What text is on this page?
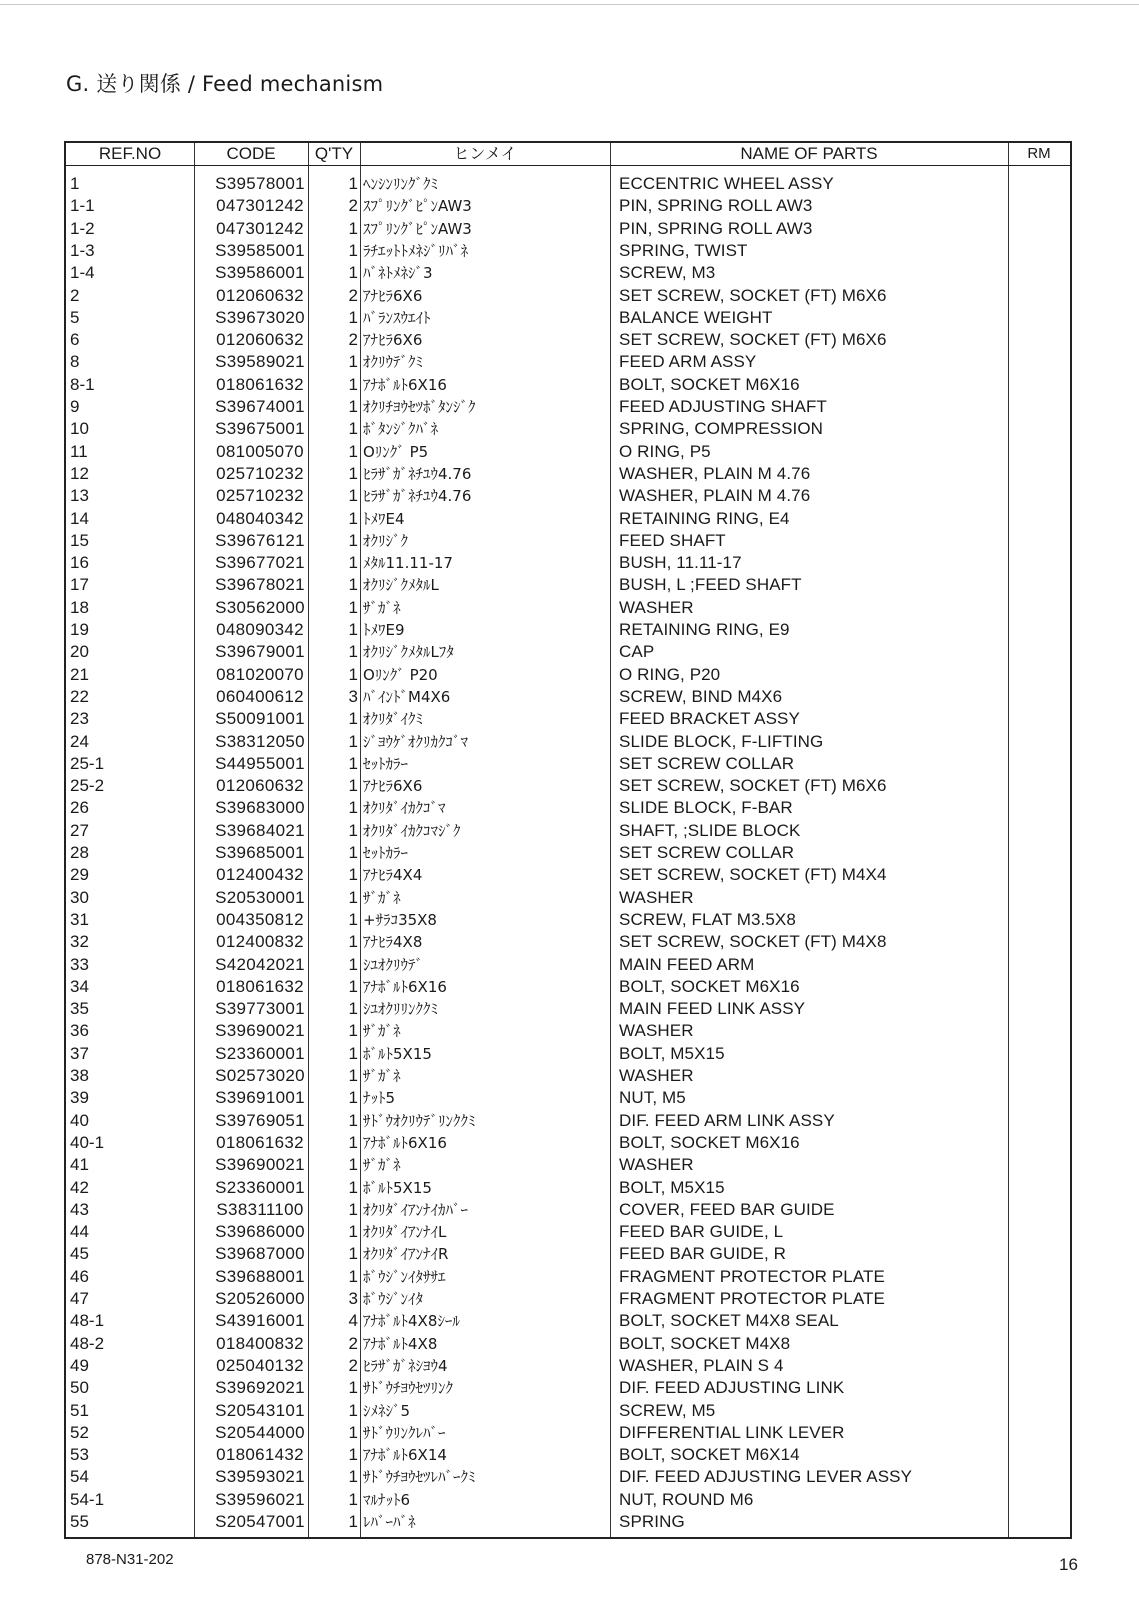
G. 送り関係 / Feed mechanism
REF.NO	CODE	Q'TY	ヒンメイ	NAME OF PARTS	RM
1	S39578001	1 ﾍﾝｼﾝﾘﾝｸﾞｸﾐ	ECCENTRIC WHEEL ASSY
1-1	047301242	2 ｽﾌﾟﾘﾝｸﾞﾋﾟﾝAW3	PIN, SPRING ROLL AW3
1-2	047301242	1 ｽﾌﾟﾘﾝｸﾞﾋﾟﾝAW3	PIN, SPRING ROLL AW3
1-3	S39585001	1 ﾗﾁｴｯﾄﾄﾒﾈｼﾞﾘﾊﾞﾈ	SPRING, TWIST
1-4	S39586001	1 ﾊﾞﾈﾄﾒﾈｼﾞ3	SCREW, M3
2	012060632	2 ｱﾅﾋﾗ6X6	SET SCREW, SOCKET (FT) M6X6
5	S39673020	1 ﾊﾞﾗﾝｽｳｴｲﾄ	BALANCE WEIGHT
6	012060632	2 ｱﾅﾋﾗ6X6	SET SCREW, SOCKET (FT) M6X6
8	S39589021	1 ｵｸﾘｳﾃﾞｸﾐ	FEED ARM ASSY
8-1	018061632	1 ｱﾅﾎﾞﾙﾄ6X16	BOLT, SOCKET M6X16
9	S39674001	1 ｵｸﾘﾁﾖｳｾﾂﾎﾞﾀﾝｼﾞｸ	FEED ADJUSTING SHAFT
10	S39675001	1 ﾎﾞﾀﾝｼﾞｸﾊﾞﾈ	SPRING, COMPRESSION
11	081005070	1 Oﾘﾝｸﾞ P5	O RING, P5
12	025710232	1 ﾋﾗｻﾞｶﾞﾈﾁﾕｳ4.76	WASHER, PLAIN M 4.76
13	025710232	1 ﾋﾗｻﾞｶﾞﾈﾁﾕｳ4.76	WASHER, PLAIN M 4.76
14	048040342	1 ﾄﾒﾜE4	RETAINING RING, E4
15	S39676121	1 ｵｸﾘｼﾞｸ	FEED SHAFT
16	S39677021	1 ﾒﾀﾙ11.11-17	BUSH, 11.11-17
17	S39678021	1 ｵｸﾘｼﾞｸﾒﾀﾙL	BUSH, L ;FEED SHAFT
18	S30562000	1 ｻﾞｶﾞﾈ	WASHER
19	048090342	1 ﾄﾒﾜE9	RETAINING RING, E9
20	S39679001	1 ｵｸﾘｼﾞｸﾒﾀﾙLﾌﾀ	CAP
21	081020070	1 Oﾘﾝｸﾞ P20	O RING, P20
22	060400612	3 ﾊﾞｲﾝﾄﾞM4X6	SCREW, BIND M4X6
23	S50091001	1 ｵｸﾘﾀﾞｲｸﾐ	FEED BRACKET ASSY
24	S38312050	1 ｼﾞﾖｳｹﾞｵｸﾘｶｸｺﾞﾏ	SLIDE BLOCK, F-LIFTING
25-1	S44955001	1 ｾｯﾄｶﾗｰ	SET SCREW COLLAR
25-2	012060632	1 ｱﾅﾋﾗ6X6	SET SCREW, SOCKET (FT) M6X6
26	S39683000	1 ｵｸﾘﾀﾞｲｶｸｺﾞﾏ	SLIDE BLOCK, F-BAR
27	S39684021	1 ｵｸﾘﾀﾞｲｶｸｺﾏｼﾞｸ	SHAFT, ;SLIDE BLOCK
28	S39685001	1 ｾｯﾄｶﾗｰ	SET SCREW COLLAR
29	012400432	1 ｱﾅﾋﾗ4X4	SET SCREW, SOCKET (FT) M4X4
30	S20530001	1 ｻﾞｶﾞﾈ	WASHER
31	004350812	1 +ｻﾗｺ35X8	SCREW, FLAT M3.5X8
32	012400832	1 ｱﾅﾋﾗ4X8	SET SCREW, SOCKET (FT) M4X8
33	S42042021	1 ｼﾕｵｸﾘｳﾃﾞ	MAIN FEED ARM
34	018061632	1 ｱﾅﾎﾞﾙﾄ6X16	BOLT, SOCKET M6X16
35	S39773001	1 ｼﾕｵｸﾘﾘﾝｸｸﾐ	MAIN FEED LINK ASSY
36	S39690021	1 ｻﾞｶﾞﾈ	WASHER
37	S23360001	1 ﾎﾞﾙﾄ5X15	BOLT, M5X15
38	S02573020	1 ｻﾞｶﾞﾈ	WASHER
39	S39691001	1 ﾅｯﾄ5	NUT, M5
40	S39769051	1 ｻﾄﾞｳｵｸﾘｳﾃﾞﾘﾝｸｸﾐ	DIF. FEED ARM LINK ASSY
40-1	018061632	1 ｱﾅﾎﾞﾙﾄ6X16	BOLT, SOCKET M6X16
41	S39690021	1 ｻﾞｶﾞﾈ	WASHER
42	S23360001	1 ﾎﾞﾙﾄ5X15	BOLT, M5X15
43	S38311100	1 ｵｸﾘﾀﾞｲｱﾝﾅｲｶﾊﾞｰ	COVER, FEED BAR GUIDE
44	S39686000	1 ｵｸﾘﾀﾞｲｱﾝﾅｲL	FEED BAR GUIDE, L
45	S39687000	1 ｵｸﾘﾀﾞｲｱﾝﾅｲR	FEED BAR GUIDE, R
46	S39688001	1 ﾎﾞｳｼﾞﾝｲﾀｻｻｴ	FRAGMENT PROTECTOR PLATE
47	S20526000	3 ﾎﾞｳｼﾞﾝｲﾀ	FRAGMENT PROTECTOR PLATE
48-1	S43916001	4 ｱﾅﾎﾞﾙﾄ4X8ｼｰﾙ	BOLT, SOCKET M4X8 SEAL
48-2	018400832	2 ｱﾅﾎﾞﾙﾄ4X8	BOLT, SOCKET M4X8
49	025040132	2 ﾋﾗｻﾞｶﾞﾈｼﾖｳ4	WASHER, PLAIN S 4
50	S39692021	1 ｻﾄﾞｳﾁﾖｳｾﾂﾘﾝｸ	DIF. FEED ADJUSTING LINK
51	S20543101	1 ｼﾒﾈｼﾞ5	SCREW, M5
52	S20544000	1 ｻﾄﾞｳﾘﾝｸﾚﾊﾞｰ	DIFFERENTIAL LINK LEVER
53	018061432	1 ｱﾅﾎﾞﾙﾄ6X14	BOLT, SOCKET M6X14
54	S39593021	1 ｻﾄﾞｳﾁﾖｳｾﾂﾚﾊﾞｰｸﾐ	DIF. FEED ADJUSTING LEVER ASSY
54-1	S39596021	1 ﾏﾙﾅｯﾄ6	NUT, ROUND M6
55	S20547001	1 ﾚﾊﾞｰﾊﾞﾈ	SPRING
878-N31-202	16
